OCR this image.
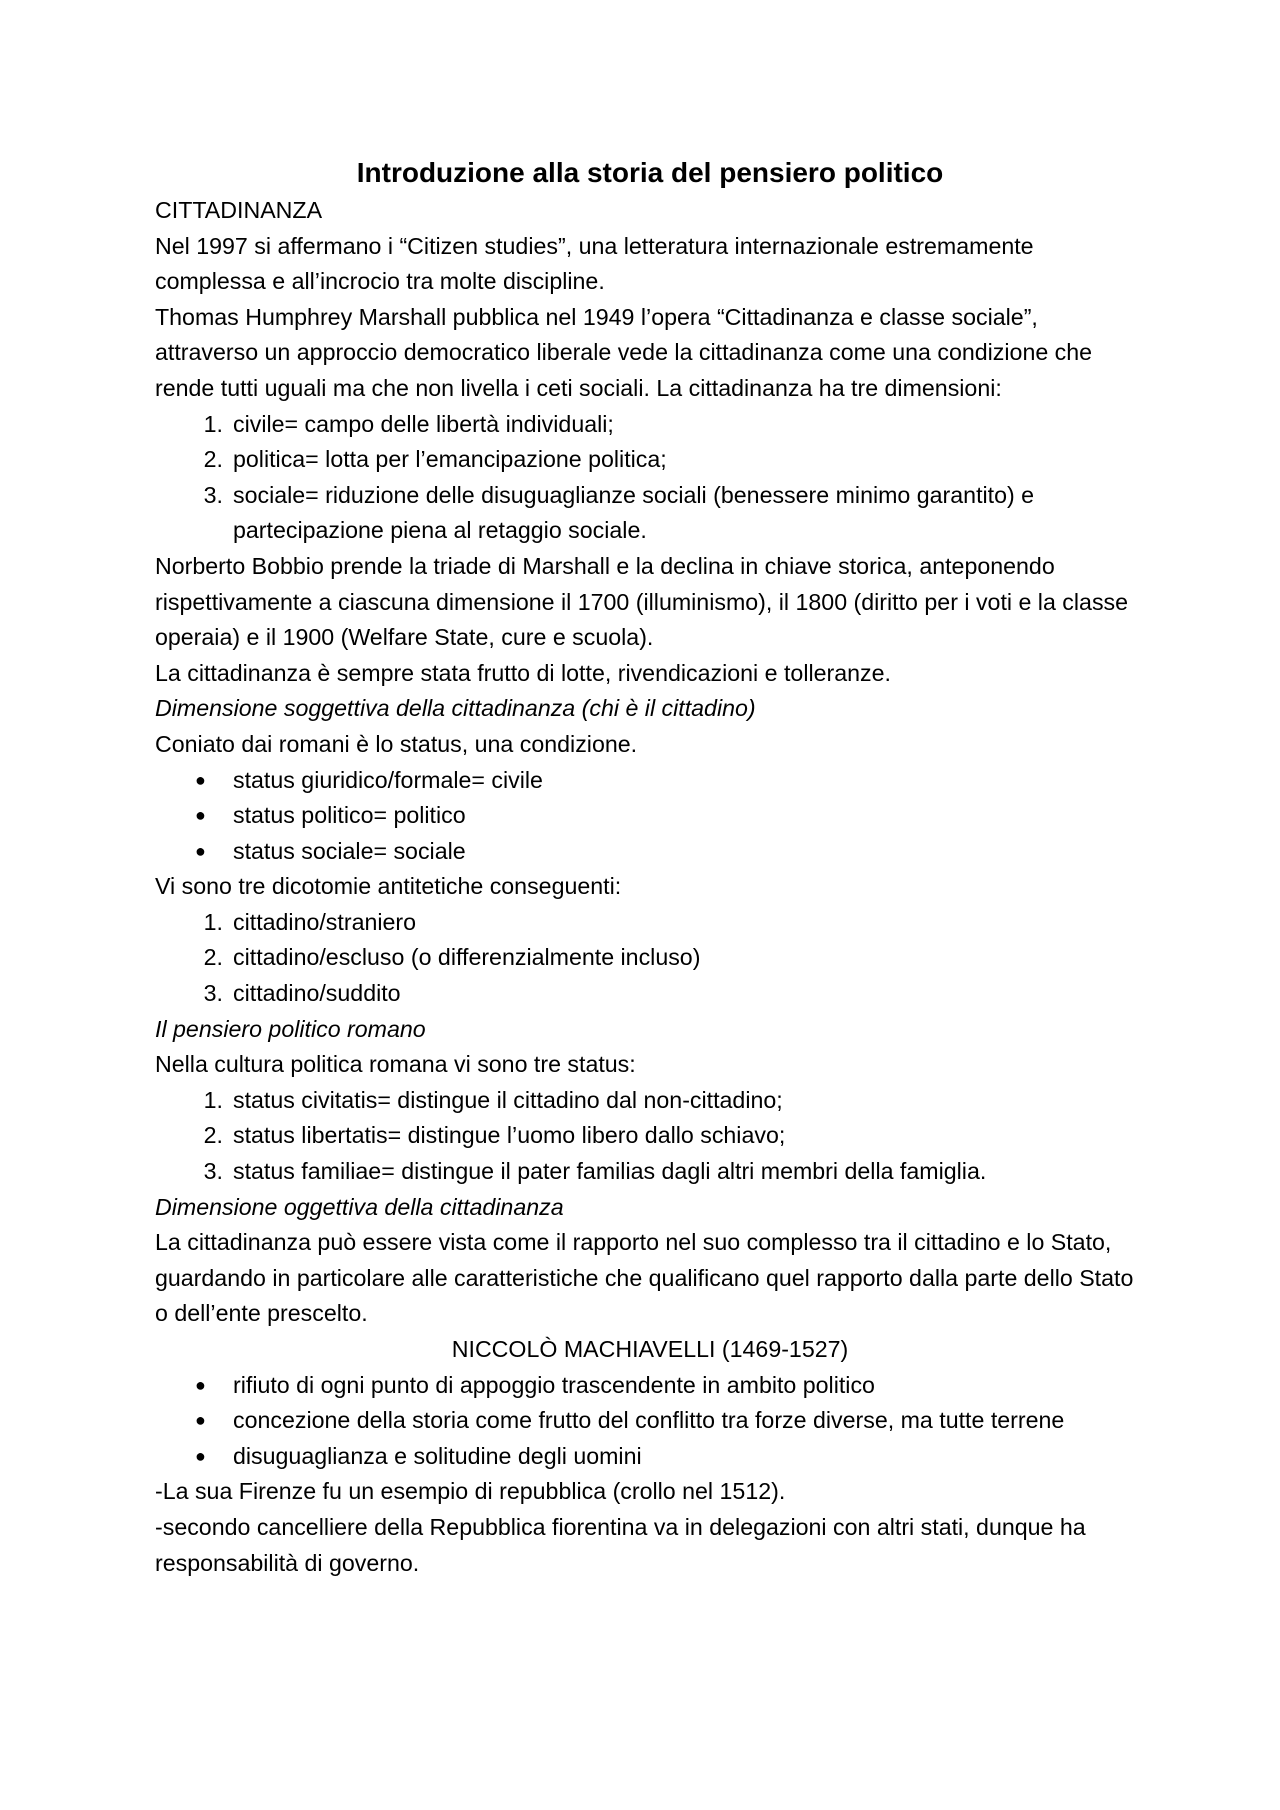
Introduzione alla storia del pensiero politico

CITTADINANZA

Nel 1997 si affermano i “Citizen studies”, una letteratura internazionale estremamente complessa e all’incrocio tra molte discipline.

Thomas Humphrey Marshall pubblica nel 1949 l’opera “Cittadinanza e classe sociale”, attraverso un approccio democratico liberale vede la cittadinanza come una condizione che rende tutti uguali ma che non livella i ceti sociali. La cittadinanza ha tre dimensioni:

1. civile= campo delle libertà individuali;
2. politica= lotta per l’emancipazione politica;
3. sociale= riduzione delle disuguaglianze sociali (benessere minimo garantito) e partecipazione piena al retaggio sociale.

Norberto Bobbio prende la triade di Marshall e la declina in chiave storica, anteponendo rispettivamente a ciascuna dimensione il 1700 (illuminismo), il 1800 (diritto per i voti e la classe operaia) e il 1900 (Welfare State, cure e scuola).

La cittadinanza è sempre stata frutto di lotte, rivendicazioni e tolleranze.

Dimensione soggettiva della cittadinanza (chi è il cittadino)

Coniato dai romani è lo status, una condizione.

● status giuridico/formale= civile
● status politico= politico
● status sociale= sociale

Vi sono tre dicotomie antitetiche conseguenti:

1. cittadino/straniero
2. cittadino/escluso (o differenzialmente incluso)
3. cittadino/suddito

Il pensiero politico romano

Nella cultura politica romana vi sono tre status:

1. status civitatis= distingue il cittadino dal non-cittadino;
2. status libertatis= distingue l’uomo libero dallo schiavo;
3. status familiae= distingue il pater familias dagli altri membri della famiglia.

Dimensione oggettiva della cittadinanza

La cittadinanza può essere vista come il rapporto nel suo complesso tra il cittadino e lo Stato, guardando in particolare alle caratteristiche che qualificano quel rapporto dalla parte dello Stato o dell’ente prescelto.

NICCOLÒ MACHIAVELLI (1469-1527)

● rifiuto di ogni punto di appoggio trascendente in ambito politico
● concezione della storia come frutto del conflitto tra forze diverse, ma tutte terrene
● disuguaglianza e solitudine degli uomini

-La sua Firenze fu un esempio di repubblica (crollo nel 1512).

-secondo cancelliere della Repubblica fiorentina va in delegazioni con altri stati, dunque ha responsabilità di governo.
